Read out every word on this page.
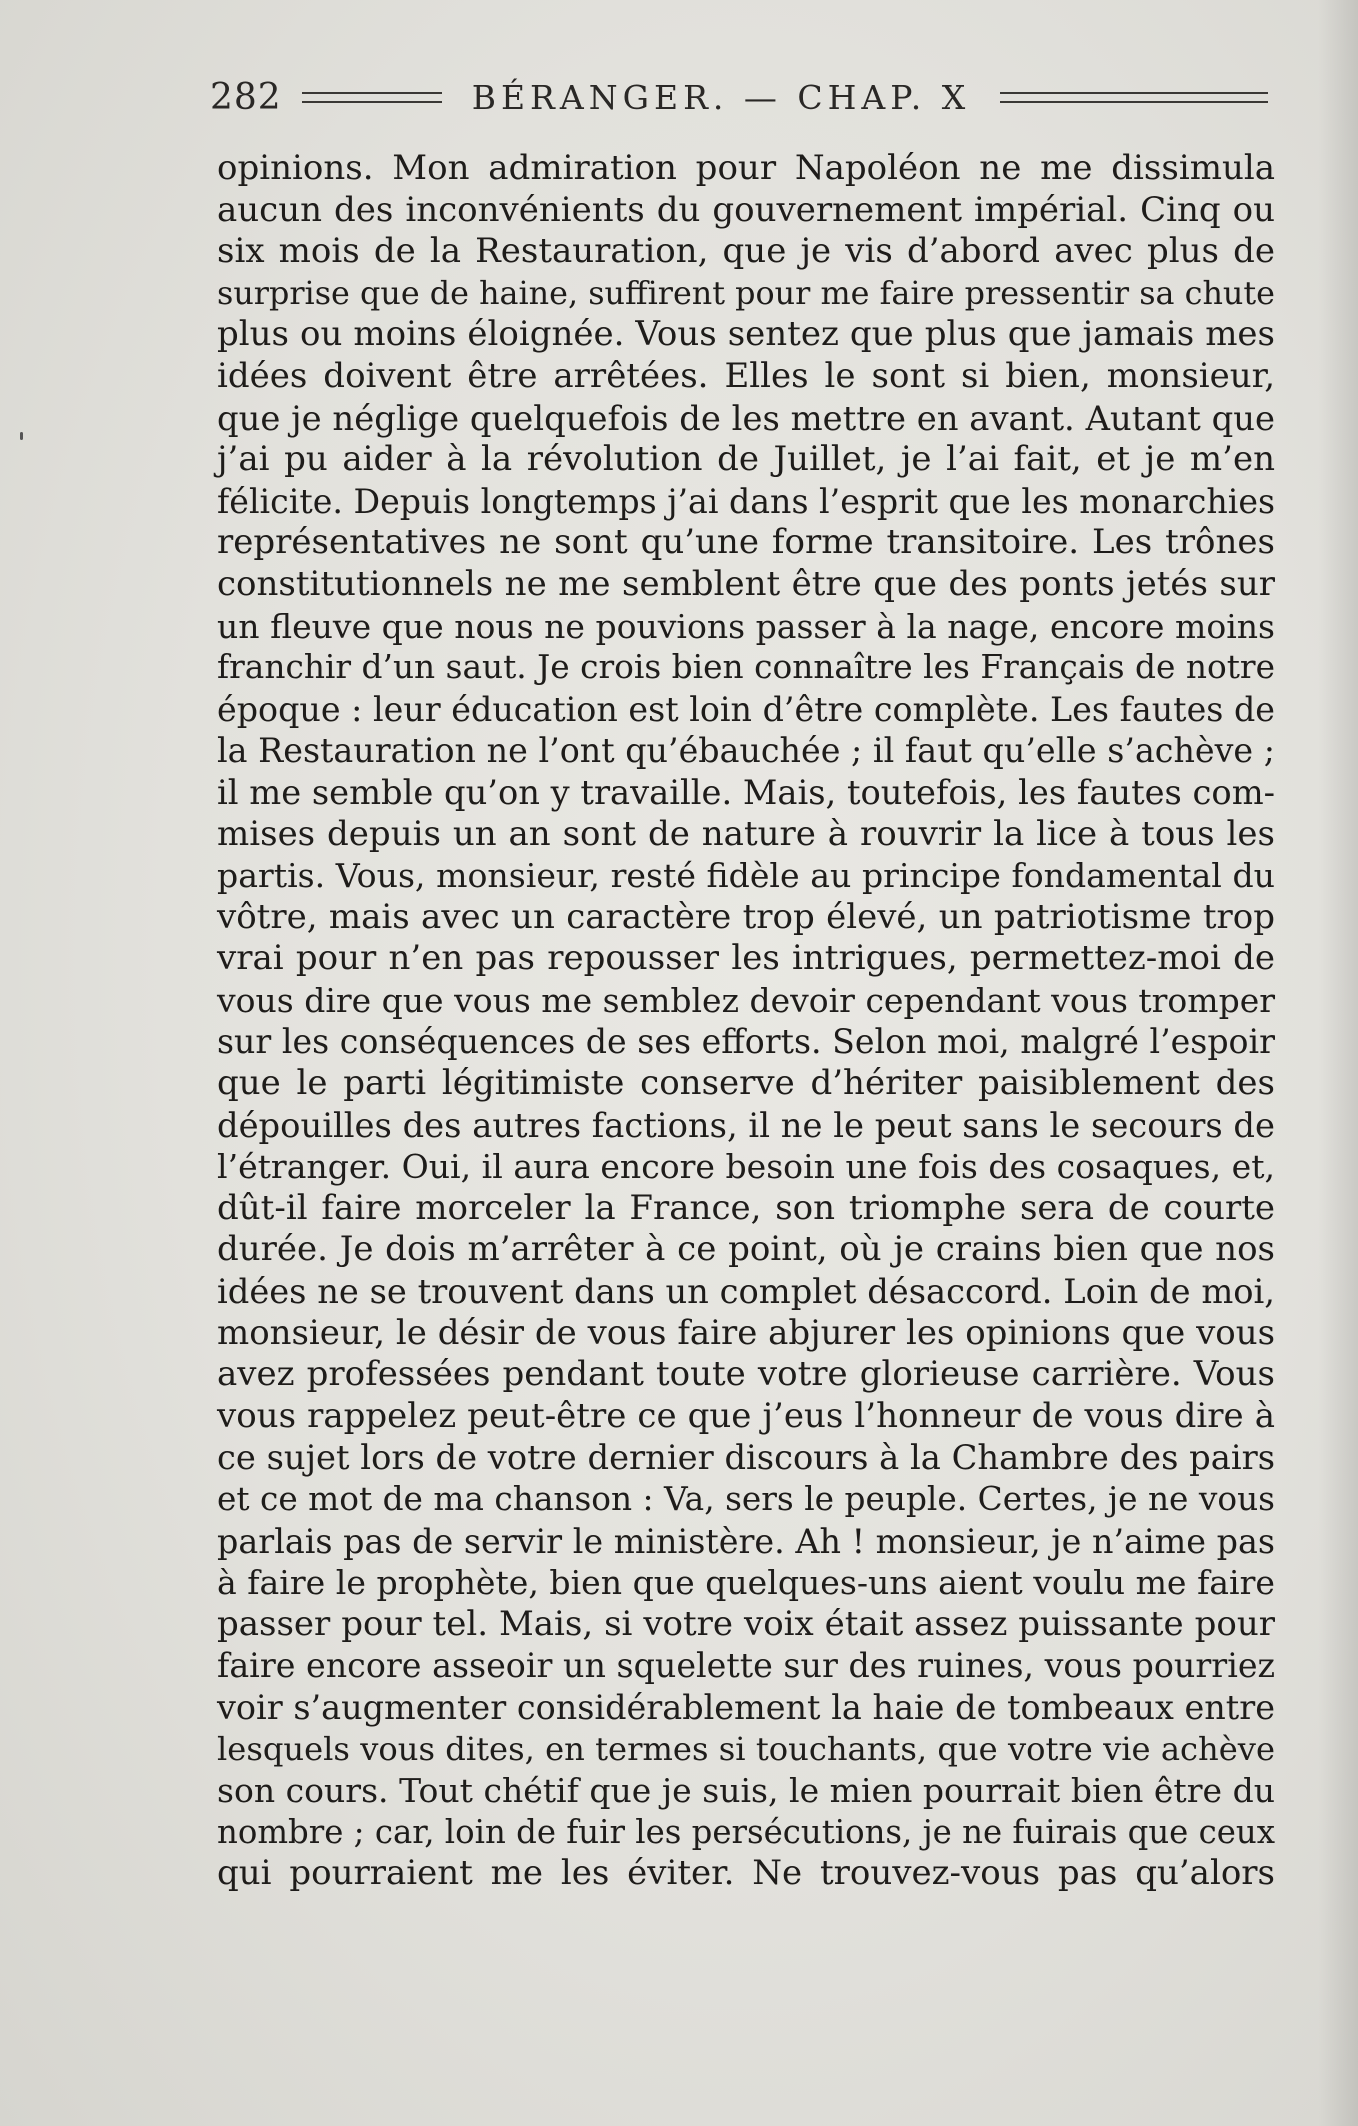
282	BÉRANGER. — CHAP. X
opinions. Mon admiration pour Napoléon ne me dissimula
aucun des inconvénients du gouvernement impérial. Cinq ou
six mois de la Restauration, que je vis d’abord avec plus de
surprise que de haine, suffirent pour me faire pressentir sa chute
plus ou moins éloignée. Vous sentez que plus que jamais mes
idées doivent être arrêtées. Elles le sont si bien, monsieur,
que je néglige quelquefois de les mettre en avant. Autant que
j’ai pu aider à la révolution de Juillet, je l’ai fait, et je m’en
félicite. Depuis longtemps j’ai dans l’esprit que les monarchies
représentatives ne sont qu’une forme transitoire. Les trônes
constitutionnels ne me semblent être que des ponts jetés sur
un fleuve que nous ne pouvions passer à la nage, encore moins
franchir d’un saut. Je crois bien connaître les Français de notre
époque : leur éducation est loin d’être complète. Les fautes de
la Restauration ne l’ont qu’ébauchée ; il faut qu’elle s’achève ;
il me semble qu’on y travaille. Mais, toutefois, les fautes com-
mises depuis un an sont de nature à rouvrir la lice à tous les
partis. Vous, monsieur, resté fidèle au principe fondamental du
vôtre, mais avec un caractère trop élevé, un patriotisme trop
vrai pour n’en pas repousser les intrigues, permettez-moi de
vous dire que vous me semblez devoir cependant vous tromper
sur les conséquences de ses efforts. Selon moi, malgré l’espoir
que le parti légitimiste conserve d’hériter paisiblement des
dépouilles des autres factions, il ne le peut sans le secours de
l’étranger. Oui, il aura encore besoin une fois des cosaques, et,
dût-il faire morceler la France, son triomphe sera de courte
durée. Je dois m’arrêter à ce point, où je crains bien que nos
idées ne se trouvent dans un complet désaccord. Loin de moi,
monsieur, le désir de vous faire abjurer les opinions que vous
avez professées pendant toute votre glorieuse carrière. Vous
vous rappelez peut-être ce que j’eus l’honneur de vous dire à
ce sujet lors de votre dernier discours à la Chambre des pairs
et ce mot de ma chanson : Va, sers le peuple. Certes, je ne vous
parlais pas de servir le ministère. Ah ! monsieur, je n’aime pas
à faire le prophète, bien que quelques-uns aient voulu me faire
passer pour tel. Mais, si votre voix était assez puissante pour
faire encore asseoir un squelette sur des ruines, vous pourriez
voir s’augmenter considérablement la haie de tombeaux entre
lesquels vous dites, en termes si touchants, que votre vie achève
son cours. Tout chétif que je suis, le mien pourrait bien être du
nombre ; car, loin de fuir les persécutions, je ne fuirais que ceux
qui pourraient me les éviter. Ne trouvez-vous pas qu’alors
